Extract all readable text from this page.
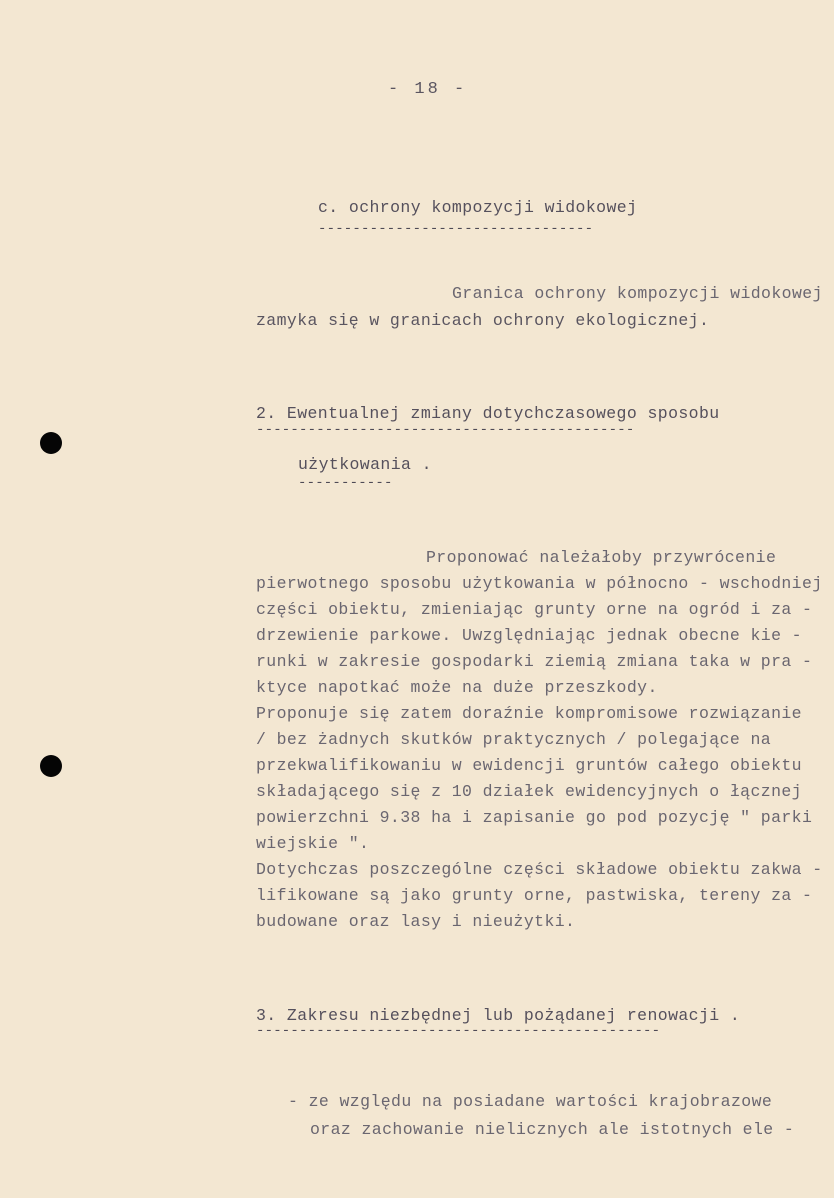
- 18 -
c. ochrony kompozycji widokowej
--------------------------------
Granica ochrony kompozycji widokowej
zamyka się w granicach ochrony ekologicznej.
2. Ewentualnej zmiany dotychczasowego sposobu
--------------------------------------------
użytkowania .
-----------
Proponować należałoby przywrócenie
pierwotnego sposobu użytkowania w północno - wschodniej
części obiektu, zmieniając grunty orne na ogród i za -
drzewienie parkowe. Uwzględniając jednak obecne kie -
runki w zakresie gospodarki ziemią zmiana taka w pra -
ktyce napotkać może na duże przeszkody.
Proponuje się zatem doraźnie kompromisowe rozwiązanie
/ bez żadnych skutków praktycznych / polegające na
przekwalifikowaniu w ewidencji gruntów całego obiektu
składającego się z 10 działek ewidencyjnych o łącznej
powierzchni 9.38 ha i zapisanie go pod pozycję " parki
wiejskie ".
Dotychczas poszczególne części składowe obiektu zakwa -
lifikowane są jako grunty orne, pastwiska, tereny za -
budowane oraz lasy i nieużytki.
3. Zakresu niezbędnej lub pożądanej renowacji .
-----------------------------------------------
- ze względu na posiadane wartości krajobrazowe
oraz zachowanie nielicznych ale istotnych ele -
